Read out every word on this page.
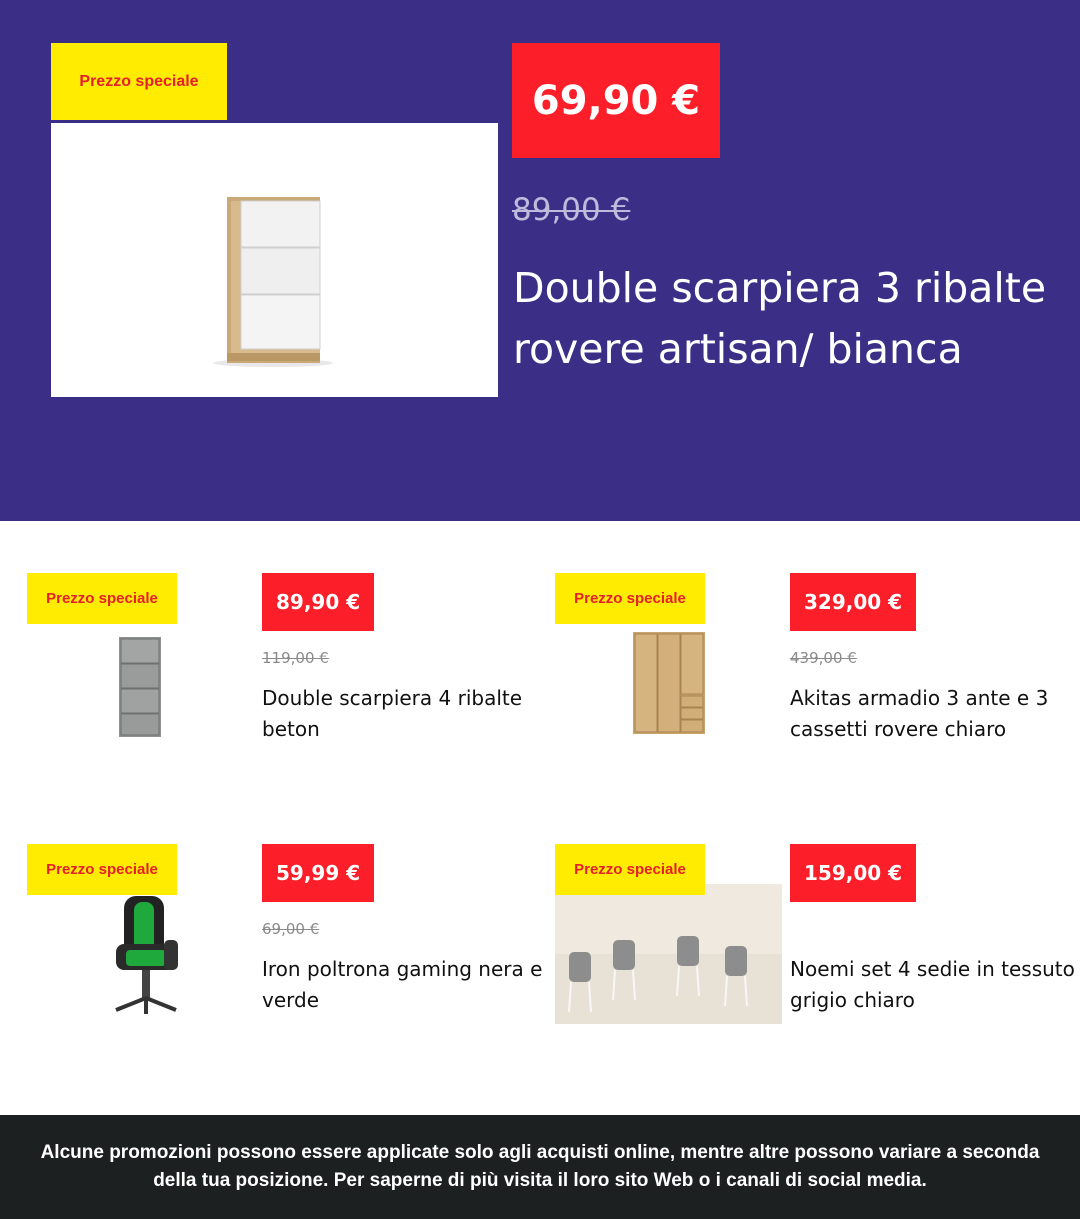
Prezzo speciale	69,90 €
89,00 €
Double scarpiera 3 ribalte rovere artisan/ bianca
Prezzo speciale	89,90 €
119,00 €
Double scarpiera 4 ribalte beton
Prezzo speciale	329,00 €
439,00 €
Akitas armadio 3 ante e 3 cassetti rovere chiaro
Prezzo speciale	59,99 €
69,00 €
Iron poltrona gaming nera e verde
Prezzo speciale	159,00 €
Noemi set 4 sedie in tessuto grigio chiaro

Alcune promozioni possono essere applicate solo agli acquisti online, mentre altre possono variare a seconda della tua posizione. Per saperne di più visita il loro sito Web o i canali di social media.
